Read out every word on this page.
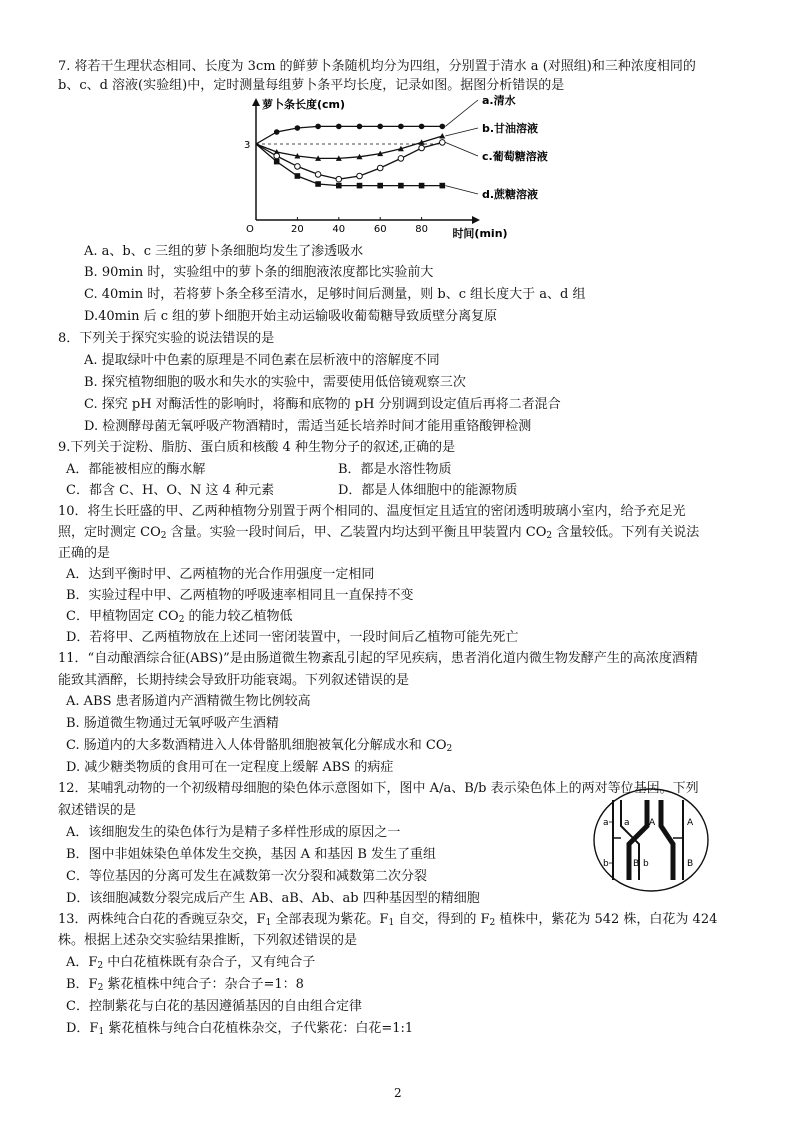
7. 将若干生理状态相同、长度为 3cm 的鲜萝卜条随机均分为四组，分别置于清水 a (对照组)和三种浓度相同的
b、c、d 溶液(实验组)中，定时测量每组萝卜条平均长度，记录如图。据图分析错误的是
萝卜条长度(cm)
时间(min)
3
O	20	40	60	80
a.清水
b.甘油溶液
c.葡萄糖溶液
d.蔗糖溶液
A. a、b、c 三组的萝卜条细胞均发生了渗透吸水
B. 90min 时，实验组中的萝卜条的细胞液浓度都比实验前大
C. 40min 时，若将萝卜条全移至清水，足够时间后测量，则 b、c 组长度大于 a、d 组
D.40min 后 c 组的萝卜细胞开始主动运输吸收葡萄糖导致质壁分离复原
8．下列关于探究实验的说法错误的是
A. 提取绿叶中色素的原理是不同色素在层析液中的溶解度不同
B. 探究植物细胞的吸水和失水的实验中，需要使用低倍镜观察三次
C. 探究 pH 对酶活性的影响时，将酶和底物的 pH 分别调到设定值后再将二者混合
D. 检测酵母菌无氧呼吸产物酒精时，需适当延长培养时间才能用重铬酸钾检测
9.下列关于淀粉、脂肪、蛋白质和核酸 4 种生物分子的叙述,正确的是
A．都能被相应的酶水解	B．都是水溶性物质
C．都含 C、H、O、N 这 4 种元素	D．都是人体细胞中的能源物质
10．将生长旺盛的甲、乙两种植物分别置于两个相同的、温度恒定且适宜的密闭透明玻璃小室内，给予充足光
照，定时测定 $CO_2$ 含量。实验一段时间后，甲、乙装置内均达到平衡且甲装置内 $CO_2$ 含量较低。下列有关说法
正确的是
A．达到平衡时甲、乙两植物的光合作用强度一定相同
B．实验过程中甲、乙两植物的呼吸速率相同且一直保持不变
C．甲植物固定 $CO_2$ 的能力较乙植物低
D．若将甲、乙两植物放在上述同一密闭装置中，一段时间后乙植物可能先死亡
11．“自动酿酒综合征(ABS)”是由肠道微生物紊乱引起的罕见疾病，患者消化道内微生物发酵产生的高浓度酒精
能致其酒醉，长期持续会导致肝功能衰竭。下列叙述错误的是
A. ABS 患者肠道内产酒精微生物比例较高
B. 肠道微生物通过无氧呼吸产生酒精
C. 肠道内的大多数酒精进入人体骨骼肌细胞被氧化分解成水和 $CO_2$
D. 减少糖类物质的食用可在一定程度上缓解 ABS 的病症
12．某哺乳动物的一个初级精母细胞的染色体示意图如下，图中 A/a、B/b 表示染色体上的两对等位基因。下列
叙述错误的是
A．该细胞发生的染色体行为是精子多样性形成的原因之一
B．图中非姐妹染色单体发生交换，基因 A 和基因 B 发生了重组
C．等位基因的分离可发生在减数第一次分裂和减数第二次分裂
D．该细胞减数分裂完成后产生 AB、aB、Ab、ab 四种基因型的精细胞
a a A	A
b	B b	B
13．两株纯合白花的香豌豆杂交，$F_1$ 全部表现为紫花。$F_1$ 自交，得到的 $F_2$ 植株中，紫花为 542 株，白花为 424
株。根据上述杂交实验结果推断，下列叙述错误的是
A．$F_2$ 中白花植株既有杂合子，又有纯合子
B．$F_2$ 紫花植株中纯合子：杂合子=1：8
C．控制紫花与白花的基因遵循基因的自由组合定律
D．$F_1$ 紫花植株与纯合白花植株杂交，子代紫花：白花=1:1
2
